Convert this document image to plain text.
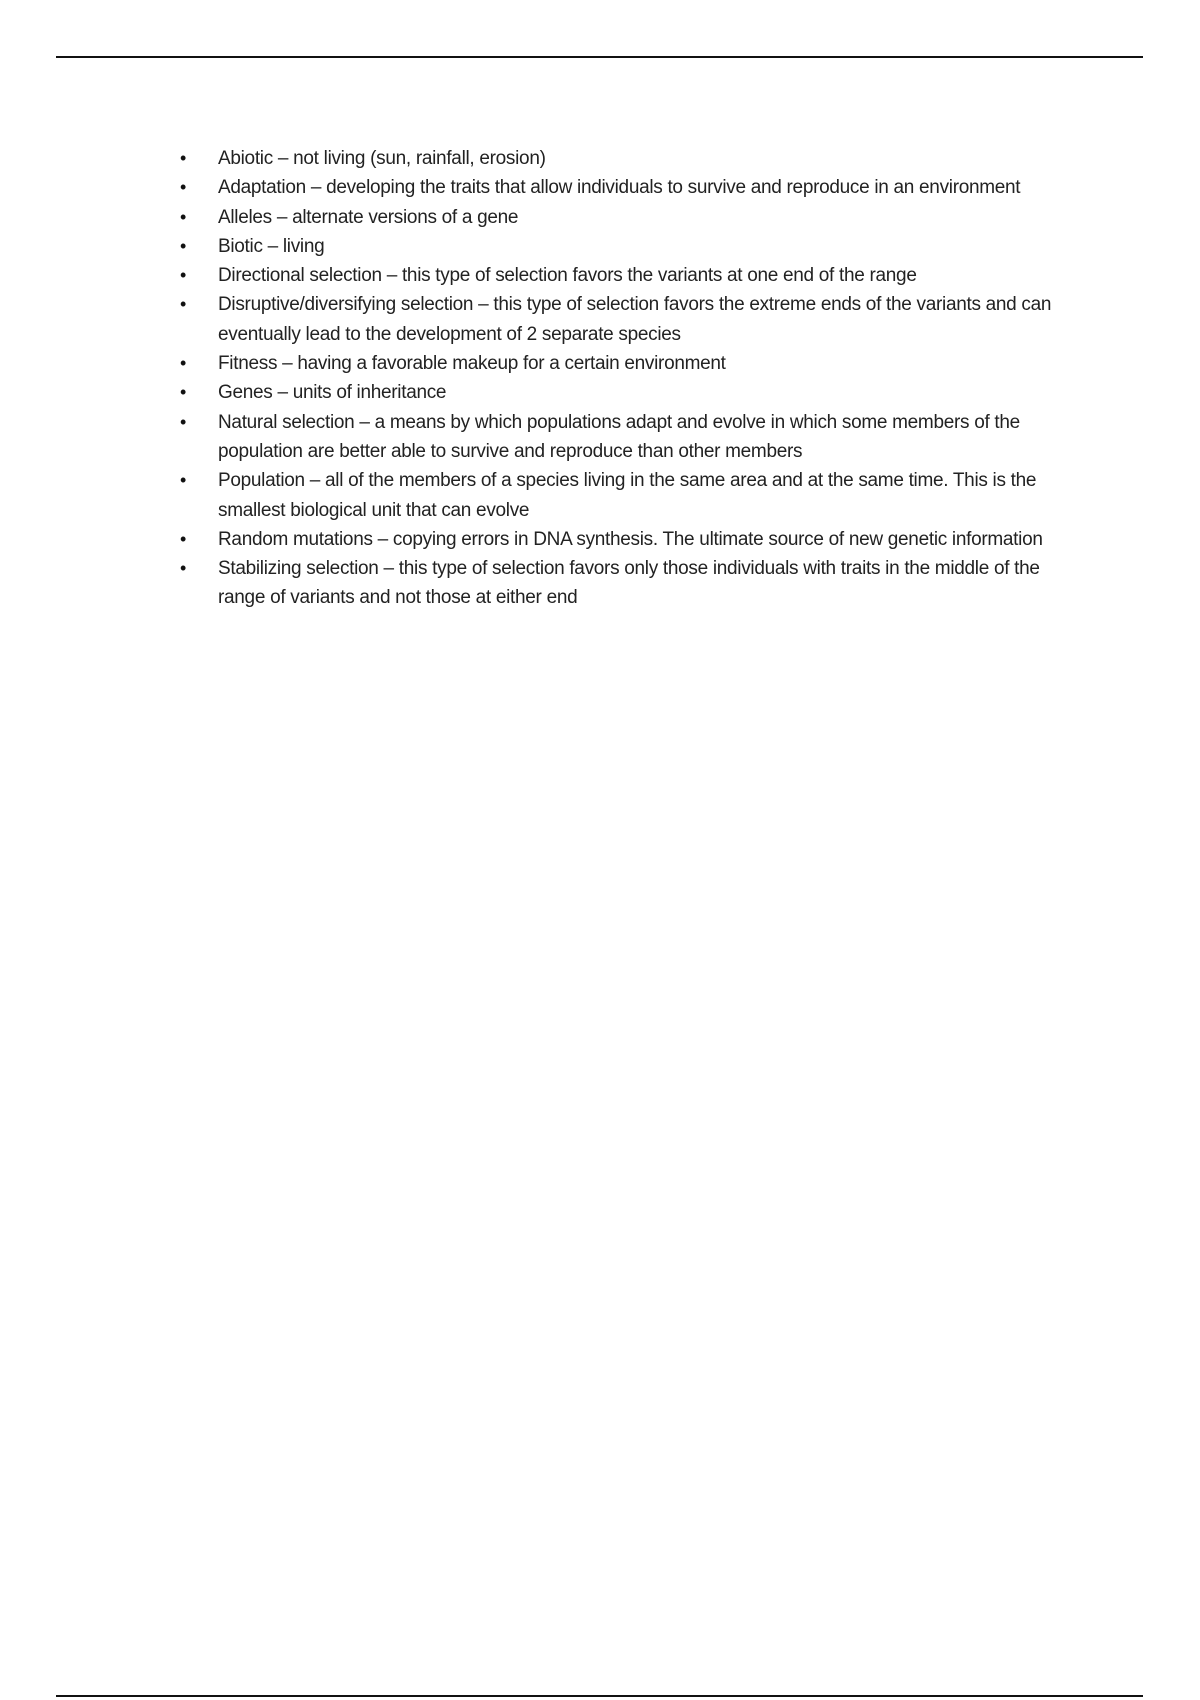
•	Abiotic – not living (sun, rainfall, erosion)
•	Adaptation – developing the traits that allow individuals to survive and reproduce in an environment
•	Alleles – alternate versions of a gene
•	Biotic – living
•	Directional selection – this type of selection favors the variants at one end of the range
•	Disruptive/diversifying selection – this type of selection favors the extreme ends of the variants and can eventually lead to the development of 2 separate species
•	Fitness – having a favorable makeup for a certain environment
•	Genes – units of inheritance
•	Natural selection – a means by which populations adapt and evolve in which some members of the population are better able to survive and reproduce than other members
•	Population – all of the members of a species living in the same area and at the same time. This is the smallest biological unit that can evolve
•	Random mutations – copying errors in DNA synthesis. The ultimate source of new genetic information
•	Stabilizing selection – this type of selection favors only those individuals with traits in the middle of the range of variants and not those at either end
